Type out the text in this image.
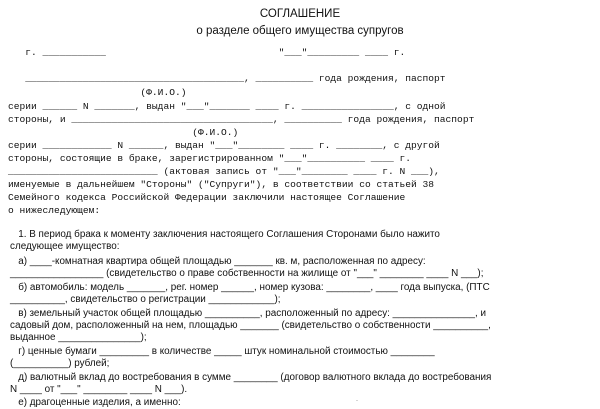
СОГЛАШЕНИЕ
о разделе общего имущества супругов
г. ___________                              "___"_________ ____ г.
______________________________________, __________ года рождения, паспорт
(Ф.И.О.)
серии ______ N _______, выдан "___"_______ ____ г. ________________, с одной
стороны, и ___________________________________, __________ года рождения, паспорт
(Ф.И.О.)
серии ____________ N ______, выдан "___"________ ____ г. ________, с другой
стороны, состоящие в браке, зарегистрированном "___"__________ ____ г.
__________________________ (актовая запись от "___"________ ____ г. N ___),
именуемые в дальнейшем "Стороны" ("Супруги"), в соответствии со статьей 38
Семейного кодекса Российской Федерации заключили настоящее Соглашение
о нижеследующем:
1. В период брака к моменту заключения настоящего Соглашения Сторонами было нажито
следующее имущество:
а) ____-комнатная квартира общей площадью _______ кв. м, расположенная по адресу:
_________________ (свидетельство о праве собственности на жилище от "___" ________ ____ N ___);
б) автомобиль: модель _______, рег. номер ______, номер кузова: ________, ____ года выпуска, (ПТС
__________, свидетельство о регистрации ____________);
в) земельный участок общей площадью __________, расположенный по адресу: _______________, и
садовый дом, расположенный на нем, площадью _______ (свидетельство о собственности __________,
выданное _______________);
г) ценные бумаги _________ в количестве _____ штук номинальной стоимостью ________
(__________) рублей;
д) валютный вклад до востребования в сумме ________ (договор валютного вклада до востребования
N ____ от "___" ________ ____ N ___).
е) драгоценные изделия, а именно:	·
